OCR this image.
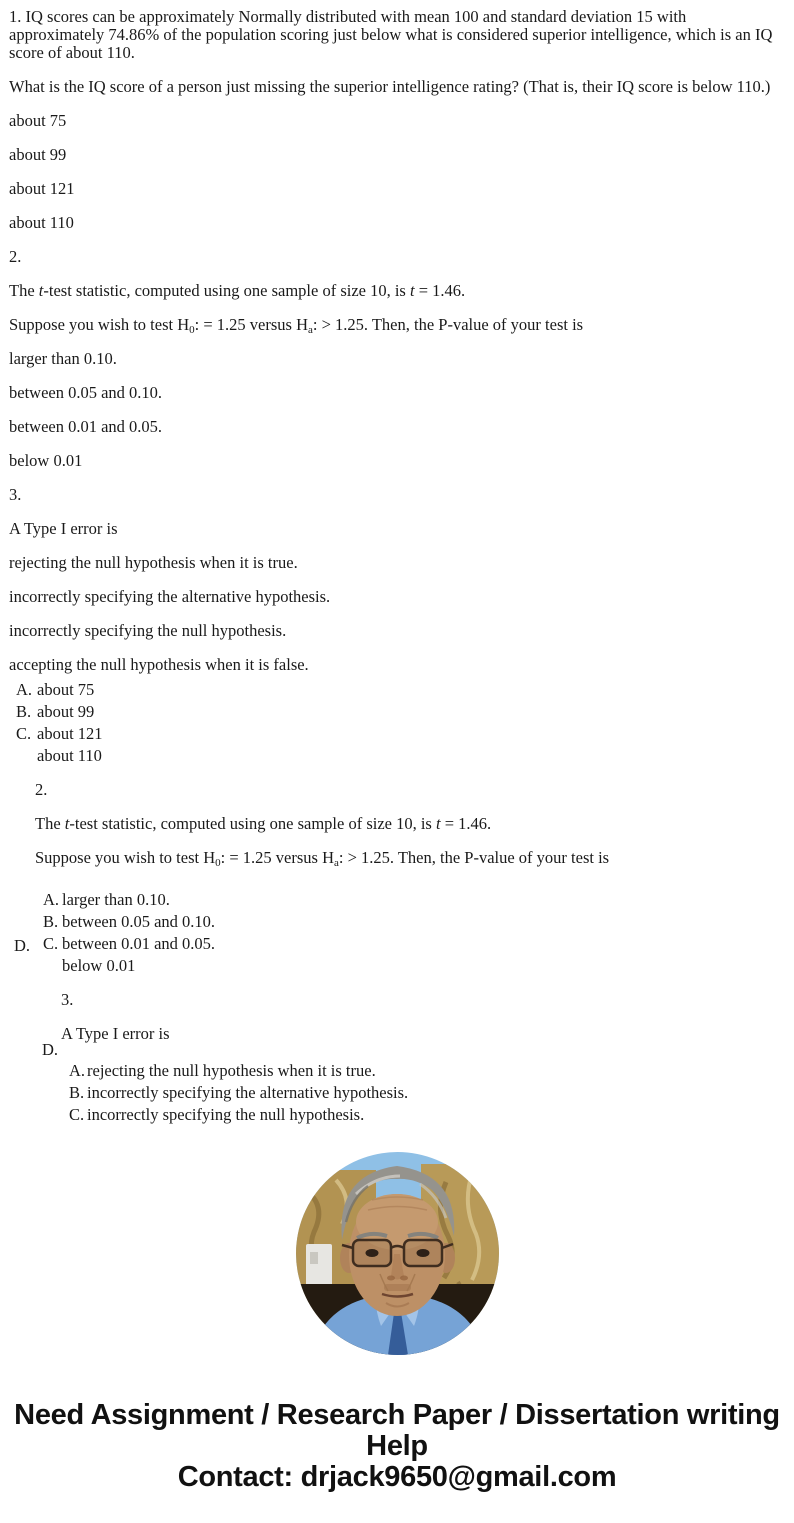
1. IQ scores can be approximately Normally distributed with mean 100 and standard deviation 15 with approximately 74.86% of the population scoring just below what is considered superior intelligence, which is an IQ score of about 110.

What is the IQ score of a person just missing the superior intelligence rating? (That is, their IQ score is below 110.)

about 75

about 99

about 121

about 110

2.

The t-test statistic, computed using one sample of size 10, is t = 1.46.

Suppose you wish to test $H_0$: = 1.25 versus $H_a$: > 1.25. Then, the P-value of your test is

larger than 0.10.

between 0.05 and 0.10.

between 0.01 and 0.05.

below 0.01

3.

A Type I error is

rejecting the null hypothesis when it is true.

incorrectly specifying the alternative hypothesis.

incorrectly specifying the null hypothesis.

accepting the null hypothesis when it is false.

A. about 75
B. about 99
C. about 121
about 110

2.

The t-test statistic, computed using one sample of size 10, is t = 1.46.

Suppose you wish to test $H_0$: = 1.25 versus $H_a$: > 1.25. Then, the P-value of your test is

A. larger than 0.10.
B. between 0.05 and 0.10.
C. between 0.01 and 0.05.
below 0.01

3.

A Type I error is

A. rejecting the null hypothesis when it is true.
B. incorrectly specifying the alternative hypothesis.
C. incorrectly specifying the null hypothesis.
D.
D.
Need Assignment / Research Paper / Dissertation writing Help
Contact: drjack9650@gmail.com
